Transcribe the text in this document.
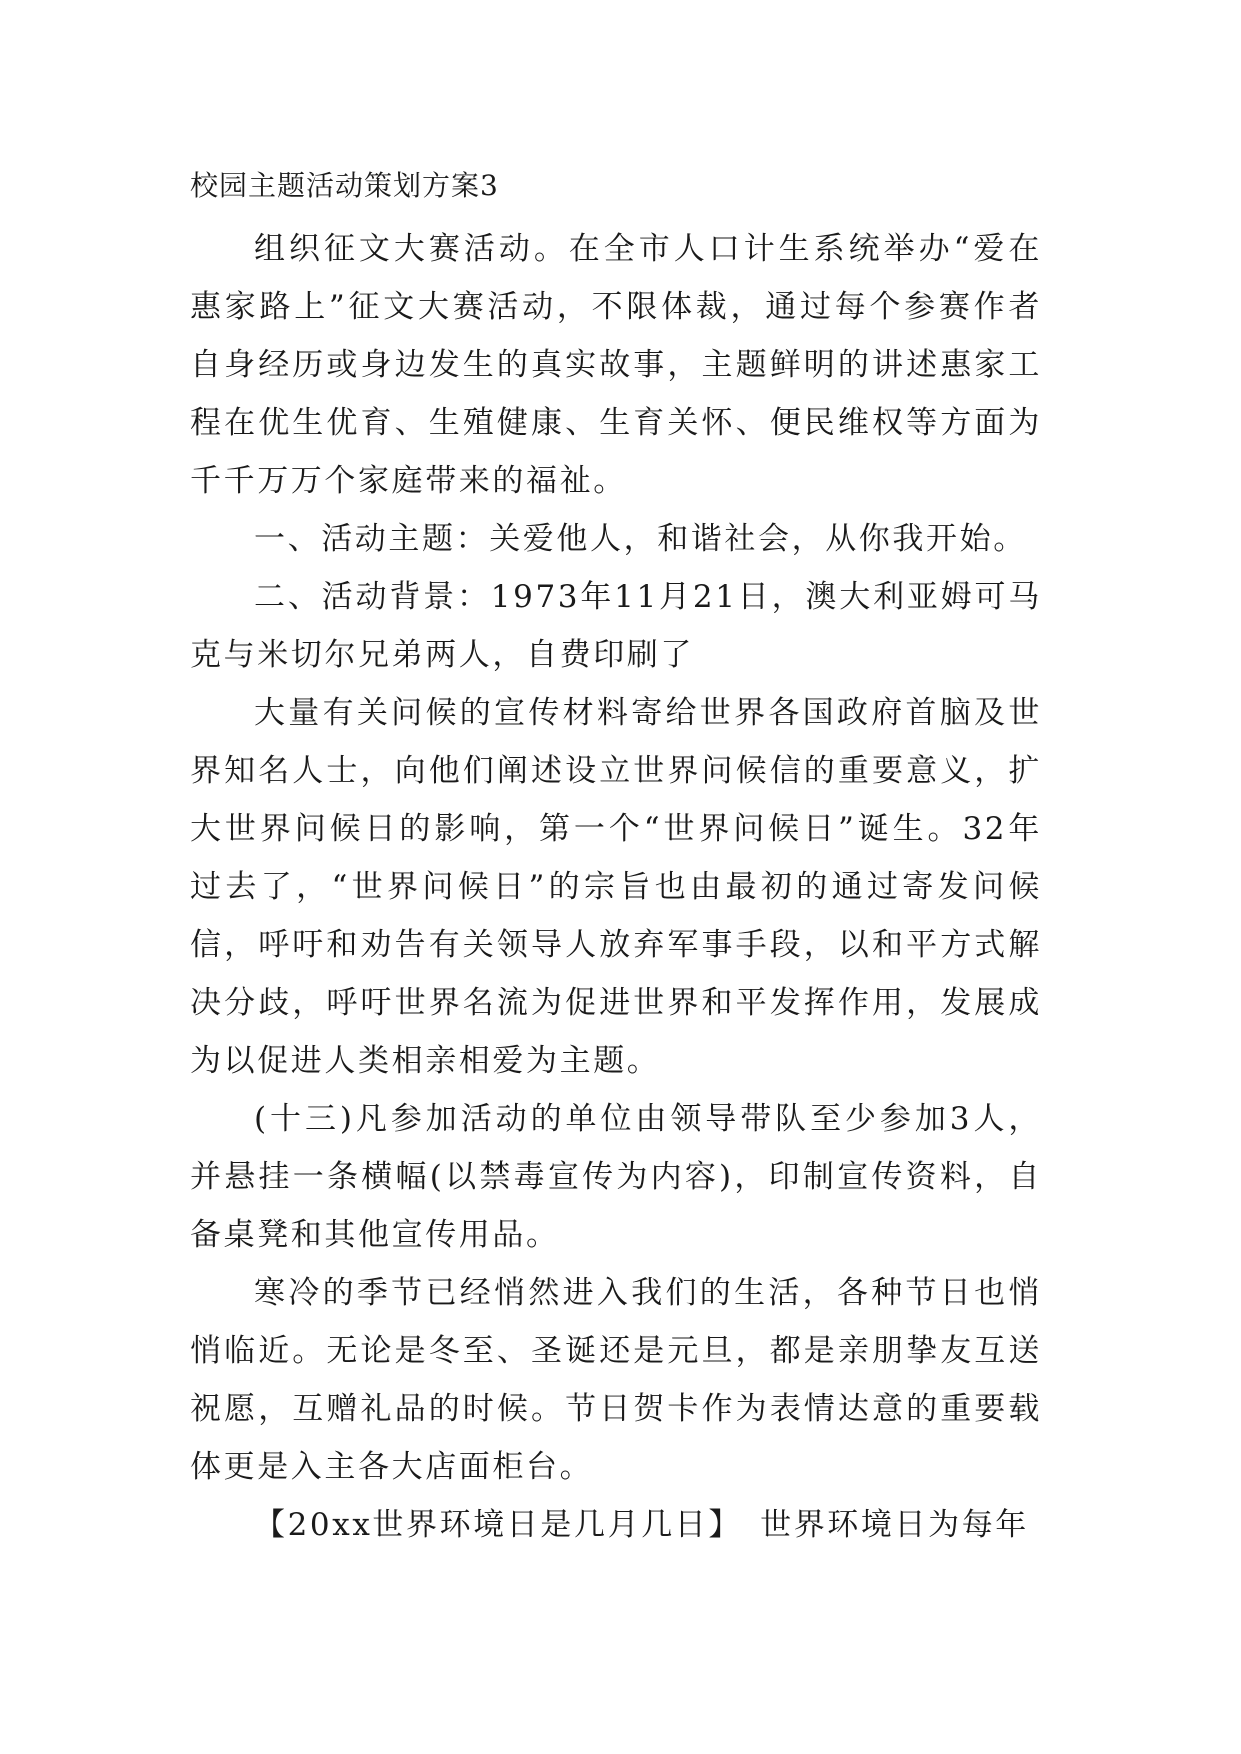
校园主题活动策划方案3

组织征文大赛活动。在全市人口计生系统举办“爱在惠家路上”征文大赛活动，不限体裁，通过每个参赛作者自身经历或身边发生的真实故事，主题鲜明的讲述惠家工程在优生优育、生殖健康、生育关怀、便民维权等方面为千千万万个家庭带来的福祉。

一、活动主题：关爱他人，和谐社会，从你我开始。

二、活动背景：1973年11月21日，澳大利亚姆可马克与米切尔兄弟两人，自费印刷了

大量有关问候的宣传材料寄给世界各国政府首脑及世界知名人士，向他们阐述设立世界问候信的重要意义，扩大世界问候日的影响，第一个“世界问候日”诞生。32年过去了，“世界问候日”的宗旨也由最初的通过寄发问候信，呼吁和劝告有关领导人放弃军事手段，以和平方式解决分歧，呼吁世界名流为促进世界和平发挥作用，发展成为以促进人类相亲相爱为主题。

(十三)凡参加活动的单位由领导带队至少参加3人，并悬挂一条横幅(以禁毒宣传为内容)，印制宣传资料，自备桌凳和其他宣传用品。

寒冷的季节已经悄然进入我们的生活，各种节日也悄悄临近。无论是冬至、圣诞还是元旦，都是亲朋挚友互送祝愿，互赠礼品的时候。节日贺卡作为表情达意的重要载体更是入主各大店面柜台。

【20xx世界环境日是几月几日】　世界环境日为每年
